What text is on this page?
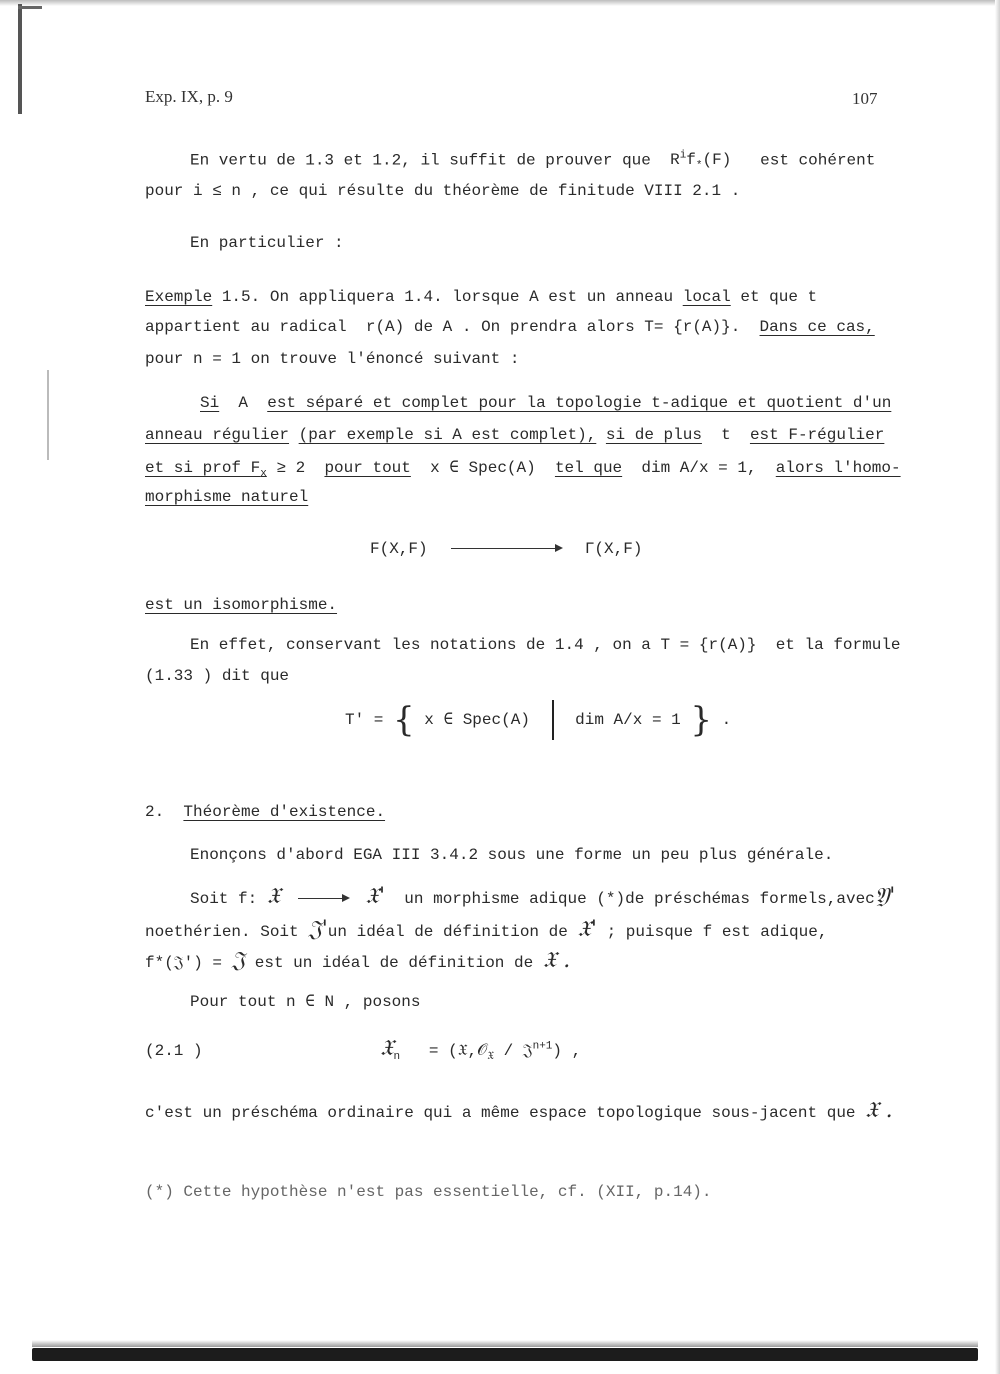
Exp. IX, p. 9	107
En vertu de 1.3 et 1.2, il suffit de prouver que $R^if_*(F)$ est cohérent
pour i ≤ n , ce qui résulte du théorème de finitude VIII 2.1 .
En particulier :
Exemple 1.5. On appliquera 1.4. lorsque A est un anneau local et que t
appartient au radical r(A) de A . On prendra alors T= {r(A)}. Dans ce cas,
pour n = 1 on trouve l'énoncé suivant :
Si A est séparé et complet pour la topologie t-adique et quotient d'un
anneau régulier (par exemple si A est complet), si de plus t est F-régulier
et si prof $F_x \ge 2$ pour tout x ∈ Spec(A) tel que dim A/x = 1, alors l'homo-
morphisme naturel
F(X,F)	Γ(X,F)
est un isomorphisme.
En effet, conservant les notations de 1.4 , on a T = {r(A)} et la formule
(1.33 ) dit que
T' = { x ∈ Spec(A)	dim A/x = 1 } .
2. Théorème d'existence.
Enonçons d'abord EGA III 3.4.2 sous une forme un peu plus générale.
Soit f: 𝔛	𝔛' un morphisme adique (*)de préschémas formels,avec𝔜'
noethérien. Soit 𝔍'un idéal de définition de 𝔛' ; puisque f est adique,
f*(𝔍') = 𝔍 est un idéal de définition de 𝔛 .
Pour tout n ∈ N , posons
(2.1 )	𝔛$_n$ = (𝔛,𝒪$_𝔛$ / 𝔍$^{n+1}$) ,
c'est un préschéma ordinaire qui a même espace topologique sous-jacent que 𝔛 .
(*) Cette hypothèse n'est pas essentielle, cf. (XII, p.14).
